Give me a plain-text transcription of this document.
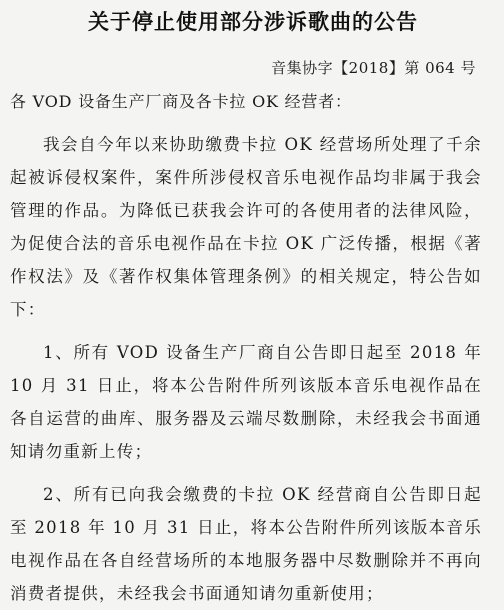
关于停止使用部分涉诉歌曲的公告

音集协字【2018】第 064 号

各 VOD 设备生产厂商及各卡拉 OK 经营者：

我会自今年以来协助缴费卡拉 OK 经营场所处理了千余起被诉侵权案件，案件所涉侵权音乐电视作品均非属于我会管理的作品。为降低已获我会许可的各使用者的法律风险，为促使合法的音乐电视作品在卡拉 OK 广泛传播，根据《著作权法》及《著作权集体管理条例》的相关规定，特公告如下：

1、所有 VOD 设备生产厂商自公告即日起至 2018 年 10 月 31 日止，将本公告附件所列该版本音乐电视作品在各自运营的曲库、服务器及云端尽数删除，未经我会书面通知请勿重新上传；

2、所有已向我会缴费的卡拉 OK 经营商自公告即日起至 2018 年 10 月 31 日止，将本公告附件所列该版本音乐电视作品在各自经营场所的本地服务器中尽数删除并不再向消费者提供，未经我会书面通知请勿重新使用；
